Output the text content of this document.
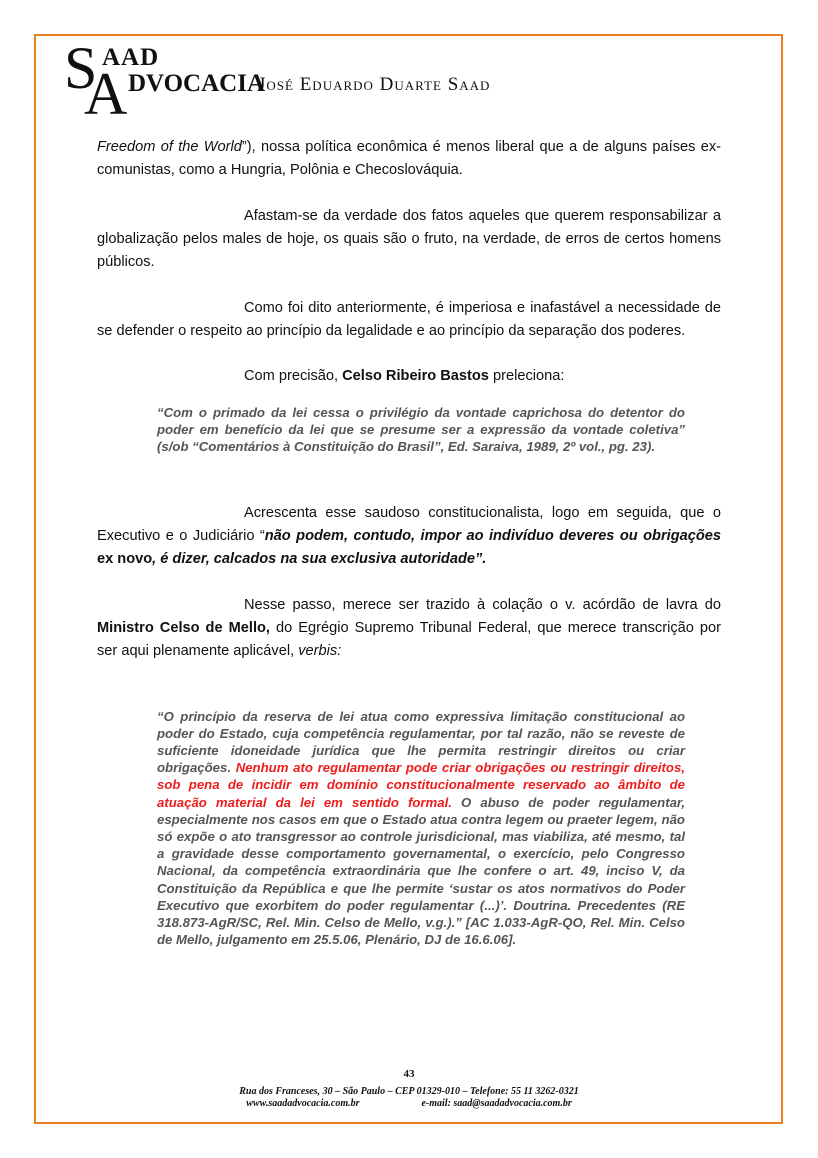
S AAD
A DVOCACIA
José Eduardo Duarte Saad

Freedom of the World”), nossa política econômica é menos liberal que a de alguns países ex-comunistas, como a Hungria, Polônia e Checoslováquia.

Afastam-se da verdade dos fatos aqueles que querem responsabilizar a globalização pelos males de hoje, os quais são o fruto, na verdade, de erros de certos homens públicos.

Como foi dito anteriormente, é imperiosa e inafastável a necessidade de se defender o respeito ao princípio da legalidade e ao princípio da separação dos poderes.

Com precisão, Celso Ribeiro Bastos preleciona:

“Com o primado da lei cessa o privilégio da vontade caprichosa do detentor do poder em benefício da lei que se presume ser a expressão da vontade coletiva” (s/ob “Comentários à Constituição do Brasil”, Ed. Saraiva, 1989, 2º vol., pg. 23).

Acrescenta esse saudoso constitucionalista, logo em seguida, que o Executivo e o Judiciário “não podem, contudo, impor ao indivíduo deveres ou obrigações ex novo, é dizer, calcados na sua exclusiva autoridade”.

Nesse passo, merece ser trazido à colação o v. acórdão de lavra do Ministro Celso de Mello, do Egrégio Supremo Tribunal Federal, que merece transcrição por ser aqui plenamente aplicável, verbis:

“O princípio da reserva de lei atua como expressiva limitação constitucional ao poder do Estado, cuja competência regulamentar, por tal razão, não se reveste de suficiente idoneidade jurídica que lhe permita restringir direitos ou criar obrigações. Nenhum ato regulamentar pode criar obrigações ou restringir direitos, sob pena de incidir em domínio constitucionalmente reservado ao âmbito de atuação material da lei em sentido formal. O abuso de poder regulamentar, especialmente nos casos em que o Estado atua contra legem ou praeter legem, não só expõe o ato transgressor ao controle jurisdicional, mas viabiliza, até mesmo, tal a gravidade desse comportamento governamental, o exercício, pelo Congresso Nacional, da competência extraordinária que lhe confere o art. 49, inciso V, da Constituição da República e que lhe permite ‘sustar os atos normativos do Poder Executivo que exorbitem do poder regulamentar (...)’. Doutrina. Precedentes (RE 318.873-AgR/SC, Rel. Min. Celso de Mello, v.g.).” [AC 1.033-AgR-QO, Rel. Min. Celso de Mello, julgamento em 25.5.06, Plenário, DJ de 16.6.06].
43
Rua dos Franceses, 30 – São Paulo – CEP 01329-010 – Telefone: 55 11 3262-0321
www.saadadvocacia.com.br	e-mail: saad@saadadvocacia.com.br
